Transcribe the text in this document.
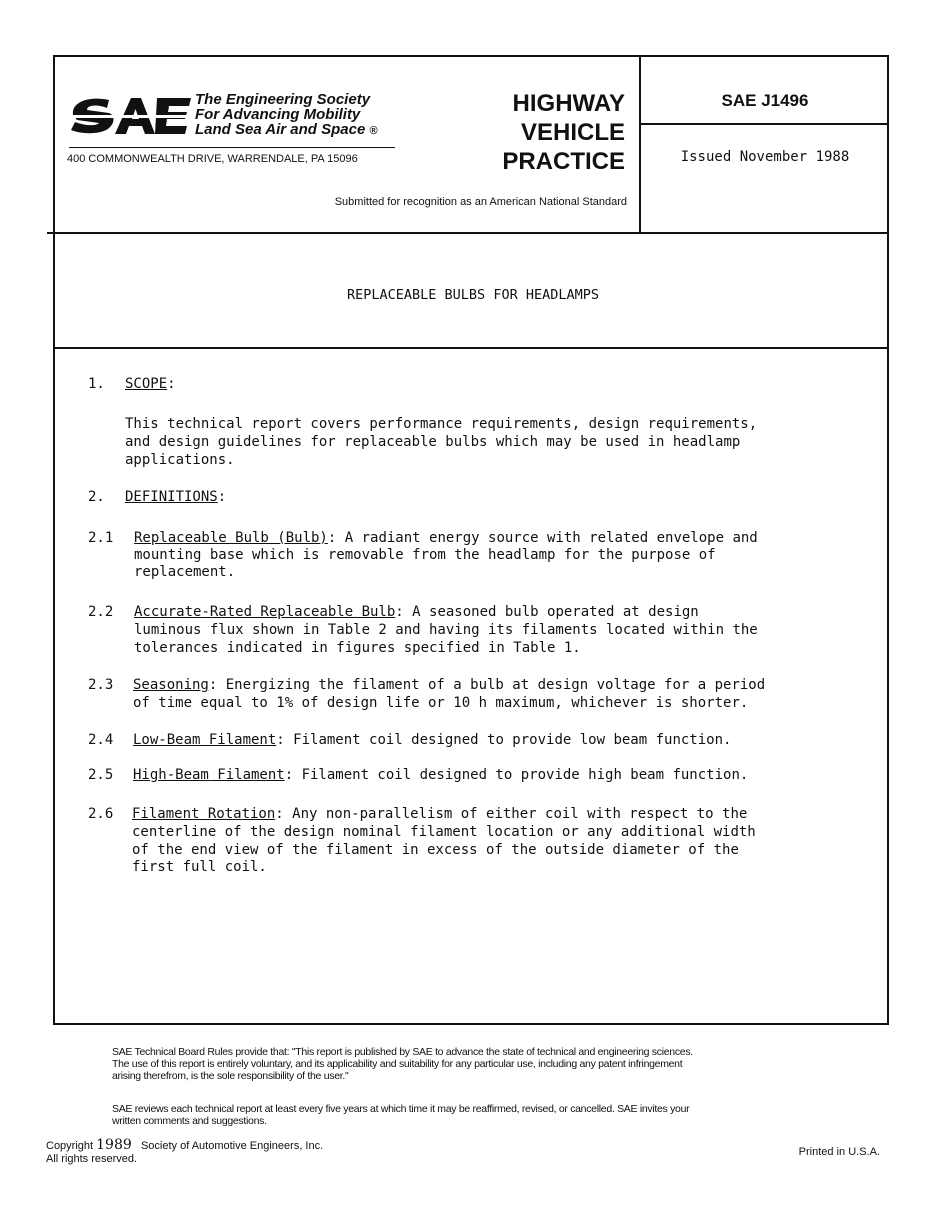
The Engineering Society
For Advancing Mobility
Land Sea Air and Space ®
400 COMMONWEALTH DRIVE, WARRENDALE, PA 15096
HIGHWAY
VEHICLE
PRACTICE
Submitted for recognition as an American National Standard
SAE J1496
Issued November 1988
REPLACEABLE BULBS FOR HEADLAMPS
1. SCOPE:
This technical report covers performance requirements, design requirements,
and design guidelines for replaceable bulbs which may be used in headlamp
applications.
2. DEFINITIONS:
2.1 Replaceable Bulb (Bulb): A radiant energy source with related envelope and
mounting base which is removable from the headlamp for the purpose of
replacement.
2.2 Accurate-Rated Replaceable Bulb: A seasoned bulb operated at design
luminous flux shown in Table 2 and having its filaments located within the
tolerances indicated in figures specified in Table 1.
2.3 Seasoning: Energizing the filament of a bulb at design voltage for a period
of time equal to 1% of design life or 10 h maximum, whichever is shorter.
2.4 Low-Beam Filament: Filament coil designed to provide low beam function.
2.5 High-Beam Filament: Filament coil designed to provide high beam function.
2.6 Filament Rotation: Any non-parallelism of either coil with respect to the
centerline of the design nominal filament location or any additional width
of the end view of the filament in excess of the outside diameter of the
first full coil.
SAE Technical Board Rules provide that: "This report is published by SAE to advance the state of technical and engineering sciences.
The use of this report is entirely voluntary, and its applicability and suitability for any particular use, including any patent infringement
arising therefrom, is the sole responsibility of the user."
SAE reviews each technical report at least every five years at which time it may be reaffirmed, revised, or cancelled. SAE invites your
written comments and suggestions.
Copyright 1989 Society of Automotive Engineers, Inc.
All rights reserved.
Printed in U.S.A.
